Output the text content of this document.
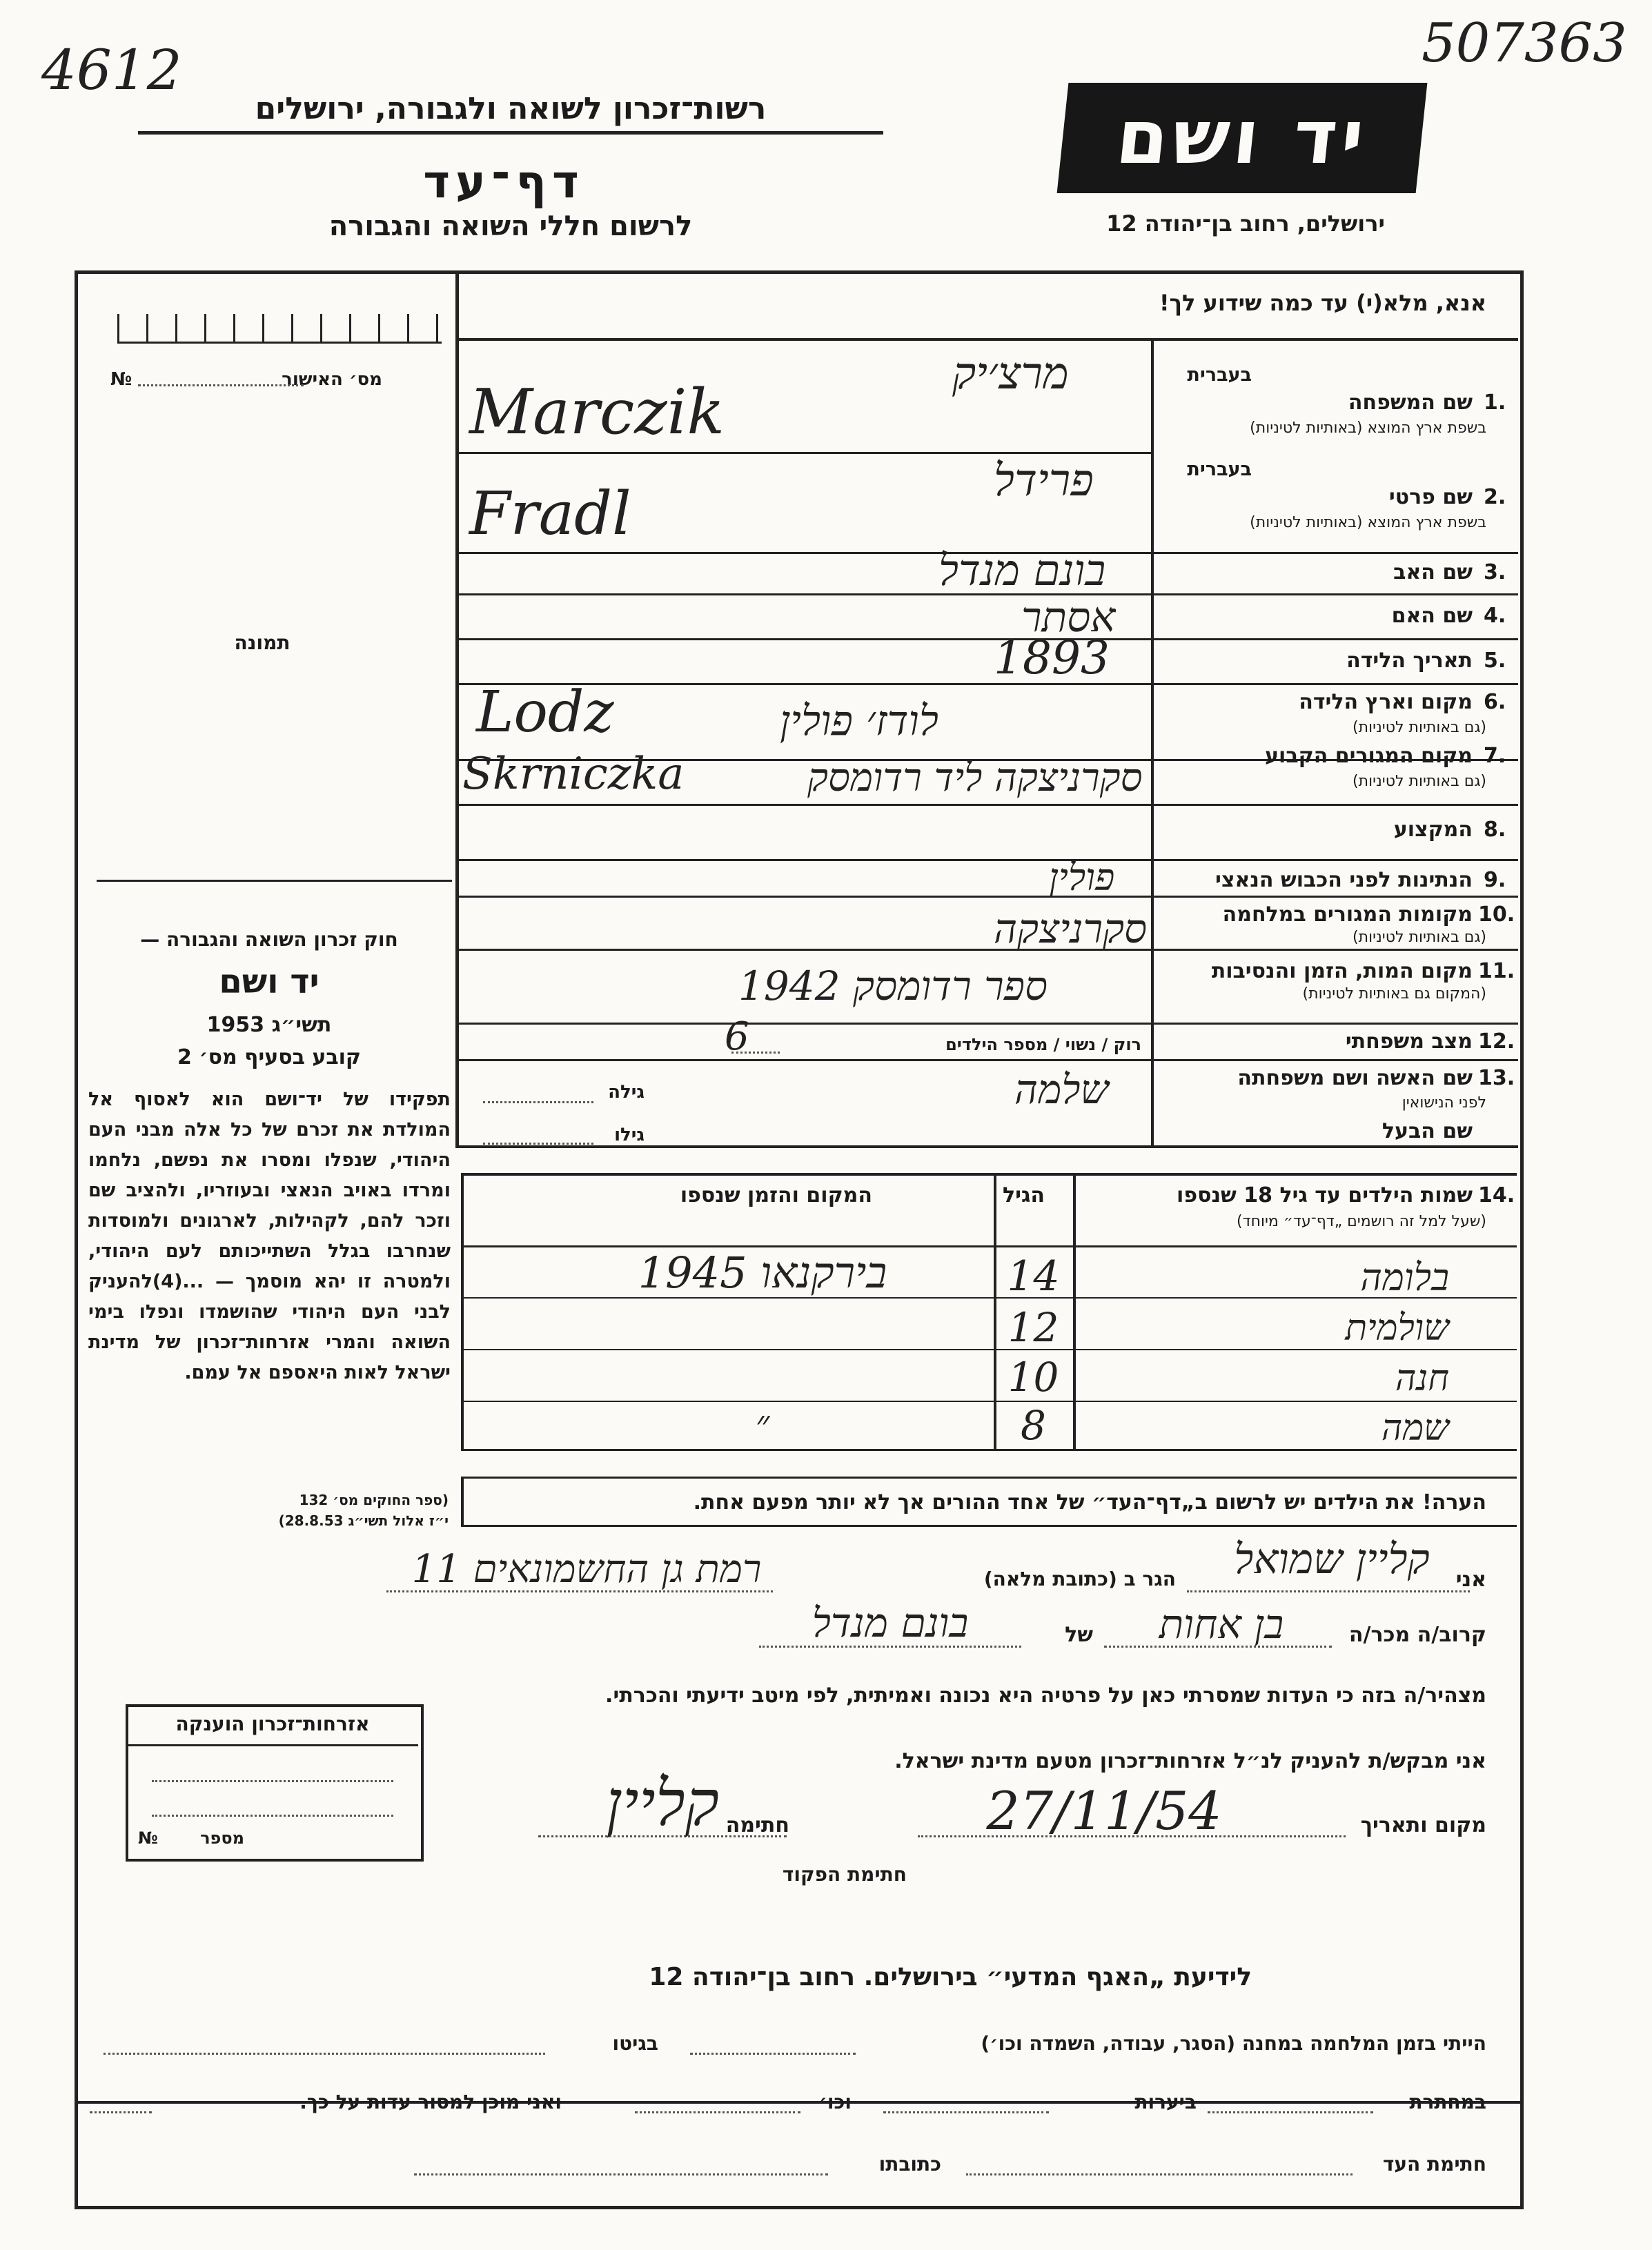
507363
4612
רשות־זכרון לשואה ולגבורה, ירושלים
דף־עד
לרשום חללי השואה והגבורה
יד ושם
ירושלים, רחוב בן־יהודה 12
אנא, מלא(י) עד כמה שידוע לך!
מס׳ האישור
№
תמונה
חוק זכרון השואה והגבורה —
יד ושם
תשי״ג 1953
קובע בסעיף מס׳ 2
תפקידו של יד־ושם הוא לאסוף אל המולדת את זכרם של כל אלה מבני העם היהודי, שנפלו ומסרו את נפשם, נלחמו ומרדו באויב הנאצי ובעוזריו, ולהציב שם וזכר להם, לקהילות, לארגונים ולמוסדות שנחרבו בגלל השתייכותם לעם היהודי, ולמטרה זו יהא מוסמך — ...(4)להעניק לבני העם היהודי שהושמדו ונפלו בימי השואה והמרי אזרחות־זכרון של מדינת ישראל לאות היאספם אל עמם.
(ספר החוקים מס׳ 132
י״ז אלול תשי״ג 28.8.53)
אזרחות־זכרון הוענקה
מספר
№
בעברית
1.
שם המשפחה
בשפת ארץ המוצא (באותיות לטיניות)
מרצ׳יק
Marczik
בעברית
2.
שם פרטי
בשפת ארץ המוצא (באותיות לטיניות)
פרידל
Fradl
3.
שם האב
בונם מנדל
4.
שם האם
אסתר
5.
תאריך הלידה
1893
6.
מקום וארץ הלידה
(גם באותיות לטיניות)
לודז׳ פולין
Lodz
7.
מקום המגורים הקבוע
(גם באותיות לטיניות)
סקרניצקה ליד רדומסק
Skrniczka
8.
המקצוע
9.
הנתינות לפני הכבוש הנאצי
פולין
10.
מקומות המגורים במלחמה
(גם באותיות לטיניות)
סקרניצקה
11.
מקום המות, הזמן והנסיבות
(המקום גם באותיות לטיניות)
ספר רדומסק 1942
12.
מצב משפחתי
רוק / נשוי / מספר הילדים
6
13.
שם האשה ושם משפחתה
לפני הנישואין
גילה	שלמה
שם הבעל
גילו
14.
שמות הילדים עד גיל 18 שנספו
(שעל למל זה רושמים „דף־עד״ מיוחד)
הגיל
המקום והזמן שנספו
בלומה
14
בירקנאו 1945
שולמית
12
חנה
10
שמה
8
״
הערה! את הילדים יש לרשום ב„דף־העד״ של אחד ההורים אך לא יותר מפעם אחת.
אני
קליין שמואל
הגר ב (כתובת מלאה)
רמת גן החשמונאים 11
קרוב/ה מכר/ה
בן אחות
של
בונם מנדל
מצהיר/ה בזה כי העדות שמסרתי כאן על פרטיה היא נכונה ואמיתית, לפי מיטב ידיעתי והכרתי.
אני מבקש/ת להעניק לנ״ל אזרחות־זכרון מטעם מדינת ישראל.
מקום ותאריך
27/11/54
חתימה
קליין
חתימת הפקוד
לידיעת „האגף המדעי״ בירושלים. רחוב בן־יהודה 12
הייתי בזמן המלחמה במחנה (הסגר, עבודה, השמדה וכו׳)
בגיטו
במחתרת
ביערות
וכו׳
ואני מוכן למסור עדות על כך.
חתימת העד
כתובתו
